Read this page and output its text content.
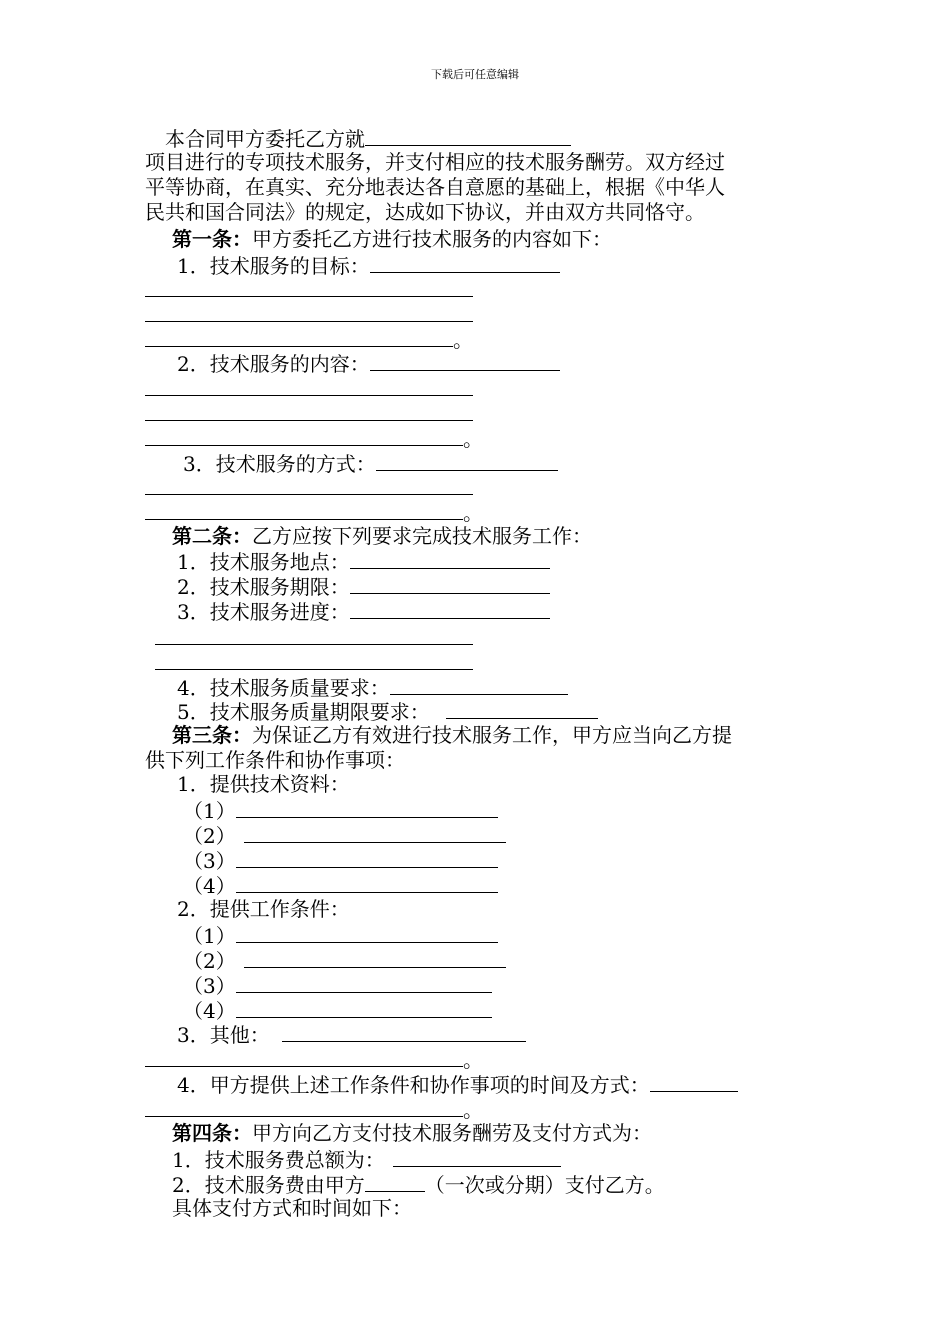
下载后可任意编辑
本合同甲方委托乙方就
项目进行的专项技术服务，并支付相应的技术服务酬劳。双方经过
平等协商，在真实、充分地表达各自意愿的基础上，根据《中华人
民共和国合同法》的规定，达成如下协议，并由双方共同恪守。
第一条：甲方委托乙方进行技术服务的内容如下：
1．技术服务的目标：
。
2．技术服务的内容：
。
3．技术服务的方式：
。
第二条：乙方应按下列要求完成技术服务工作：
1．技术服务地点：
2．技术服务期限：
3．技术服务进度：
4．技术服务质量要求：
5．技术服务质量期限要求：
第三条：为保证乙方有效进行技术服务工作，甲方应当向乙方提
供下列工作条件和协作事项：
1．提供技术资料：
（1）
（2）
（3）
（4）
2．提供工作条件：
（1）
（2）
（3）
（4）
3．其他：
。
4．甲方提供上述工作条件和协作事项的时间及方式：
。
第四条：甲方向乙方支付技术服务酬劳及支付方式为：
1．技术服务费总额为：
2．技术服务费由甲方	（一次或分期）支付乙方。
具体支付方式和时间如下：
